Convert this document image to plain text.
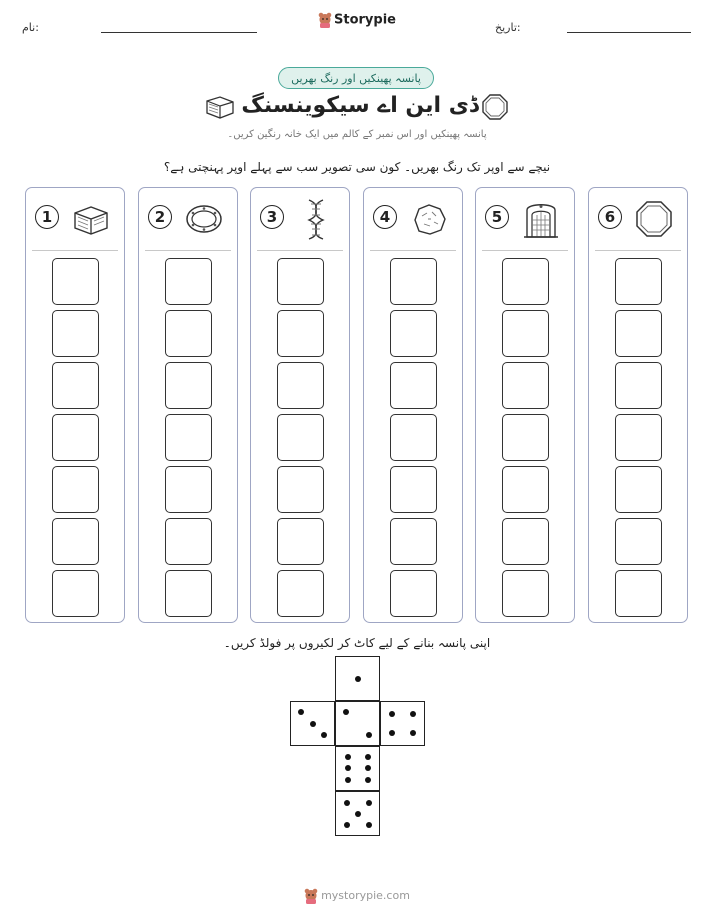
نام:	Storypie	تاریخ:
پانسہ پھینکیں اور رنگ بھریں
ڈی این اے سیکوینسنگ
پانسہ پھینکیں اور اس نمبر کے کالم میں ایک خانہ رنگین کریں۔
نیچے سے اوپر تک رنگ بھریں۔ کون سی تصویر سب سے پہلے اوپر پہنچتی ہے؟
1	2	3	4	5	6
اپنی پانسہ بنانے کے لیے کاٹ کر لکیروں پر فولڈ کریں۔
mystorypie.com
